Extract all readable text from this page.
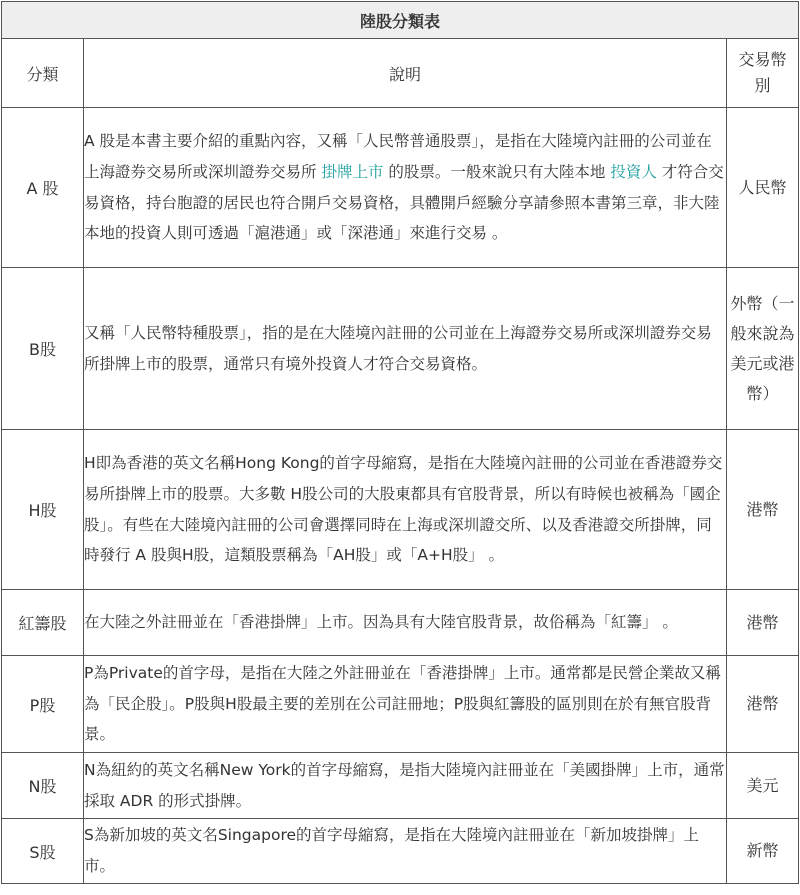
陸股分類表		
分類	說明	交易幣別
A 股	A 股是本書主要介紹的重點內容，又稱「人民幣普通股票」，是指在大陸境內註冊的公司並在上海證券交易所或深圳證券交易所 掛牌上市 的股票。一般來說只有大陸本地 投資人 才符合交易資格，持台胞證的居民也符合開戶交易資格，具體開戶經驗分享請參照本書第三章，非大陸本地的投資人則可透過「滬港通」或「深港通」來進行交易 。	人民幣
B股	又稱「人民幣特種股票」，指的是在大陸境內註冊的公司並在上海證券交易所或深圳證券交易所掛牌上市的股票，通常只有境外投資人才符合交易資格。	外幣（一般來說為美元或港幣）
H股	H即為香港的英文名稱Hong Kong的首字母縮寫，是指在大陸境內註冊的公司並在香港證券交易所掛牌上市的股票。大多數 H股公司的大股東都具有官股背景，所以有時候也被稱為「國企股」。有些在大陸境內註冊的公司會選擇同時在上海或深圳證交所、以及香港證交所掛牌，同時發行 A 股與H股，這類股票稱為「AH股」或「A+H股」 。	港幣
紅籌股	在大陸之外註冊並在「香港掛牌」上市。因為具有大陸官股背景，故俗稱為「紅籌」 。	港幣
P股	P為Private的首字母，是指在大陸之外註冊並在「香港掛牌」上市。通常都是民營企業故又稱為「民企股」。P股與H股最主要的差別在公司註冊地；P股與紅籌股的區別則在於有無官股背景。	港幣
N股	N為紐約的英文名稱New York的首字母縮寫，是指大陸境內註冊並在「美國掛牌」上市，通常採取 ADR 的形式掛牌。	美元
S股	S為新加坡的英文名Singapore的首字母縮寫，是指在大陸境內註冊並在「新加坡掛牌」上市。	新幣
